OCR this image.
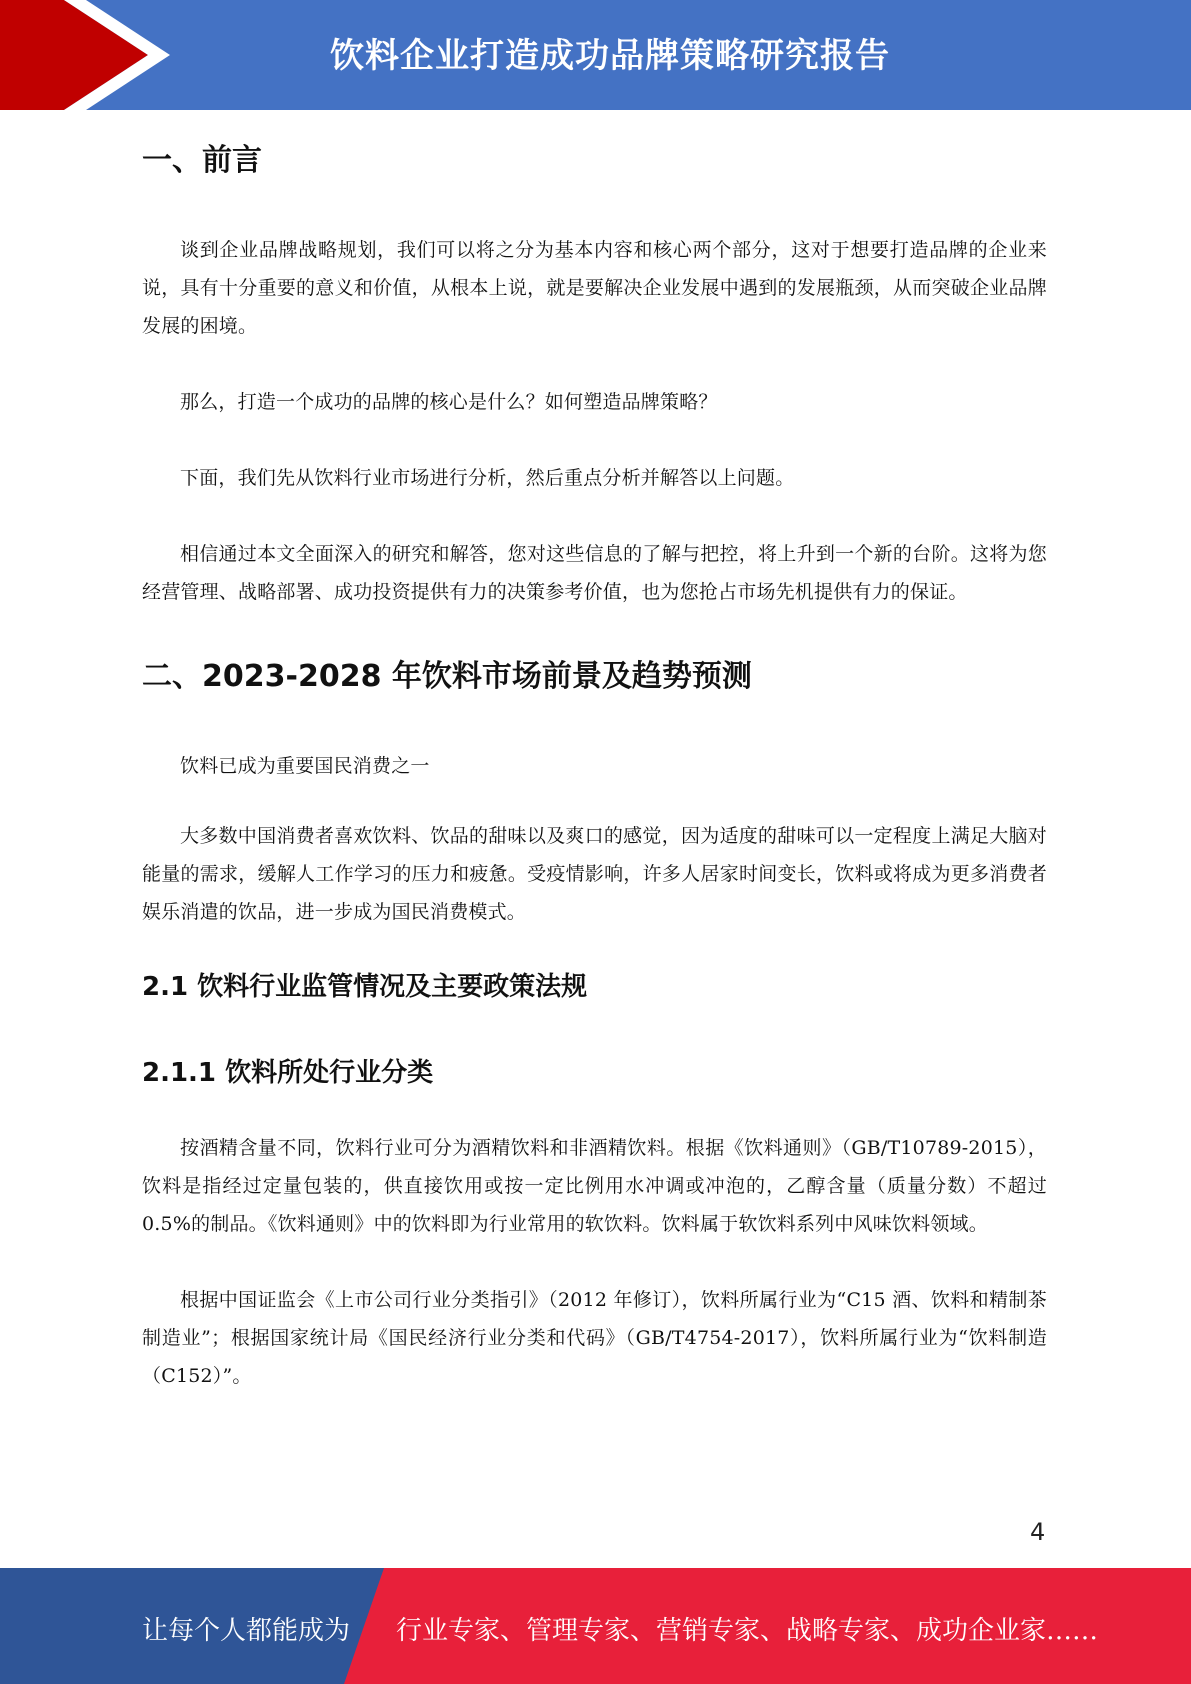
饮料企业打造成功品牌策略研究报告
一、前言

谈到企业品牌战略规划，我们可以将之分为基本内容和核心两个部分，这对于想要打造品牌的企业来说，具有十分重要的意义和价值，从根本上说，就是要解决企业发展中遇到的发展瓶颈，从而突破企业品牌发展的困境。

那么，打造一个成功的品牌的核心是什么？如何塑造品牌策略？

下面，我们先从饮料行业市场进行分析，然后重点分析并解答以上问题。

相信通过本文全面深入的研究和解答，您对这些信息的了解与把控，将上升到一个新的台阶。这将为您经营管理、战略部署、成功投资提供有力的决策参考价值，也为您抢占市场先机提供有力的保证。

二、2023-2028 年饮料市场前景及趋势预测

饮料已成为重要国民消费之一

大多数中国消费者喜欢饮料、饮品的甜味以及爽口的感觉，因为适度的甜味可以一定程度上满足大脑对能量的需求，缓解人工作学习的压力和疲惫。受疫情影响，许多人居家时间变长，饮料或将成为更多消费者娱乐消遣的饮品，进一步成为国民消费模式。

2.1 饮料行业监管情况及主要政策法规
2.1.1 饮料所处行业分类

按酒精含量不同，饮料行业可分为酒精饮料和非酒精饮料。根据《饮料通则》（GB/T10789-2015），饮料是指经过定量包装的，供直接饮用或按一定比例用水冲调或冲泡的，乙醇含量（质量分数）不超过 0.5%的制品。《饮料通则》中的饮料即为行业常用的软饮料。饮料属于软饮料系列中风味饮料领域。

根据中国证监会《上市公司行业分类指引》（2012 年修订），饮料所属行业为“C15 酒、饮料和精制茶制造业”；根据国家统计局《国民经济行业分类和代码》（GB/T4754-2017），饮料所属行业为“饮料制造（C152）”。

4
让每个人都能成为 行业专家、管理专家、营销专家、战略专家、成功企业家……
